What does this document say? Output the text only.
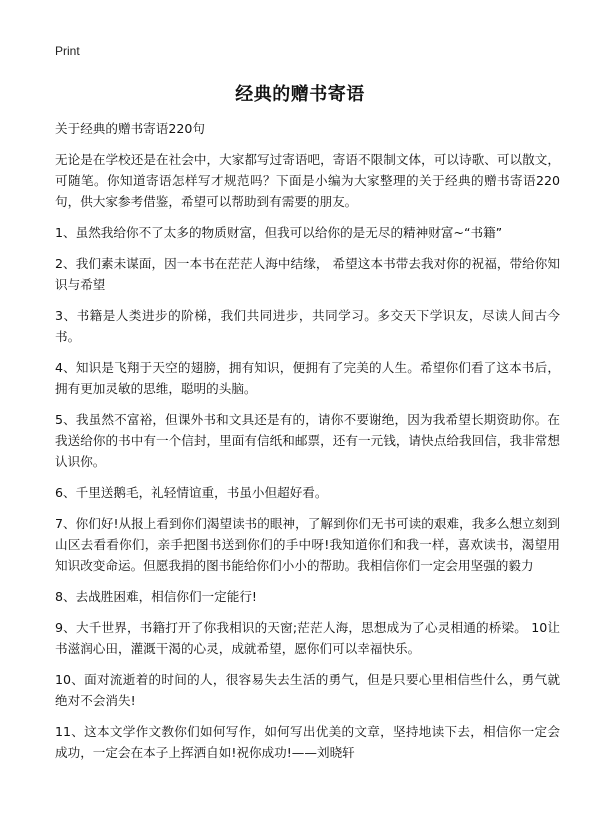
Print
经典的赠书寄语

关于经典的赠书寄语220句

无论是在学校还是在社会中，大家都写过寄语吧，寄语不限制文体，可以诗歌、可以散文，可随笔。你知道寄语怎样写才规范吗？下面是小编为大家整理的关于经典的赠书寄语220句，供大家参考借鉴，希望可以帮助到有需要的朋友。

1、虽然我给你不了太多的物质财富，但我可以给你的是无尽的精神财富~“书籍”

2、我们素未谋面，因一本书在茫茫人海中结缘， 希望这本书带去我对你的祝福，带给你知识与希望

3、书籍是人类进步的阶梯，我们共同进步，共同学习。多交天下学识友，尽读人间古今书。

4、知识是飞翔于天空的翅膀，拥有知识，便拥有了完美的人生。希望你们看了这本书后，拥有更加灵敏的思维，聪明的头脑。

5、我虽然不富裕，但课外书和文具还是有的，请你不要谢绝，因为我希望长期资助你。在我送给你的书中有一个信封，里面有信纸和邮票，还有一元钱，请快点给我回信，我非常想认识你。

6、千里送鹅毛，礼轻情谊重，书虽小但超好看。

7、你们好!从报上看到你们渴望读书的眼神，了解到你们无书可读的艰难，我多么想立刻到山区去看看你们，亲手把图书送到你们的手中呀!我知道你们和我一样，喜欢读书，渴望用知识改变命运。但愿我捐的图书能给你们小小的帮助。我相信你们一定会用坚强的毅力

8、去战胜困难，相信你们一定能行!

9、大千世界，书籍打开了你我相识的天窗;茫茫人海，思想成为了心灵相通的桥梁。 10让书滋润心田，灌溉干渴的心灵，成就希望，愿你们可以幸福快乐。

10、面对流逝着的时间的人，很容易失去生活的勇气，但是只要心里相信些什么，勇气就绝对不会消失!

11、这本文学作文教你们如何写作，如何写出优美的文章，坚持地读下去，相信你一定会成功，一定会在本子上挥洒自如!祝你成功!——刘晓轩
